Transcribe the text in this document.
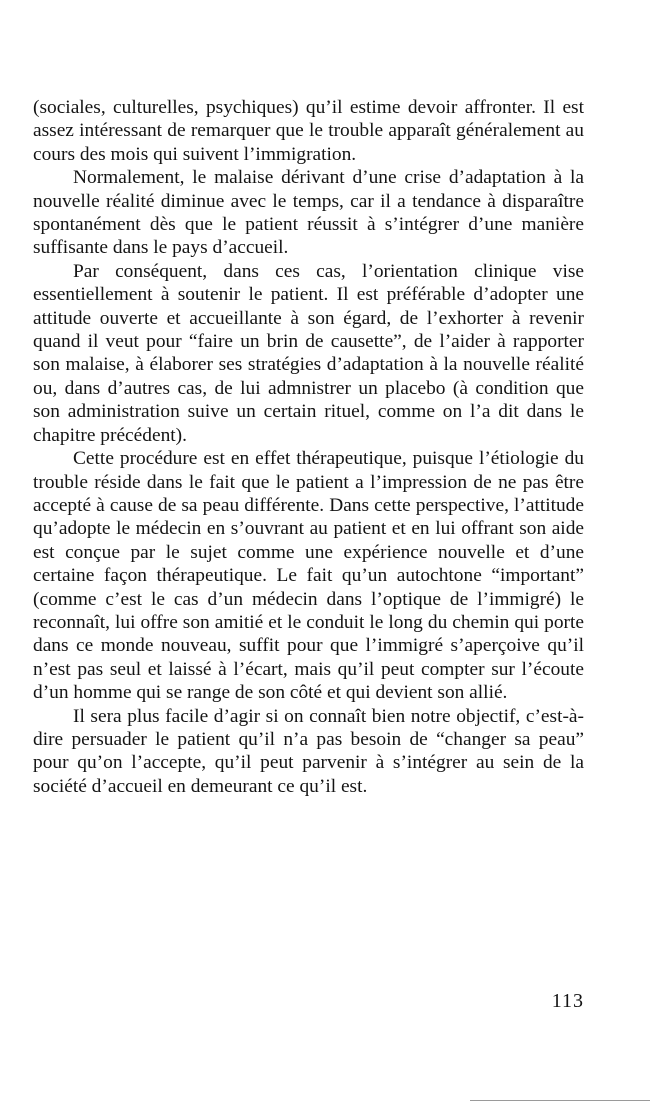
(sociales, culturelles, psychiques) qu’il estime devoir affronter. Il est assez intéressant de remarquer que le trouble apparaît généralement au cours des mois qui suivent l’immigration.

Normalement, le malaise dérivant d’une crise d’adaptation à la nouvelle réalité diminue avec le temps, car il a tendance à disparaître spontanément dès que le patient réussit à s’intégrer d’une manière suffisante dans le pays d’accueil.

Par conséquent, dans ces cas, l’orientation clinique vise essentiellement à soutenir le patient. Il est préférable d’adopter une attitude ouverte et accueillante à son égard, de l’exhorter à revenir quand il veut pour “faire un brin de causette”, de l’aider à rapporter son malaise, à élaborer ses stratégies d’adaptation à la nouvelle réalité ou, dans d’autres cas, de lui admnistrer un placebo (à condition que son administration suive un certain rituel, comme on l’a dit dans le chapitre précédent).

Cette procédure est en effet thérapeutique, puisque l’étiologie du trouble réside dans le fait que le patient a l’impression de ne pas être accepté à cause de sa peau différente. Dans cette perspective, l’attitude qu’adopte le médecin en s’ouvrant au patient et en lui offrant son aide est conçue par le sujet comme une expérience nouvelle et d’une certaine façon thérapeutique. Le fait qu’un autochtone “important” (comme c’est le cas d’un médecin dans l’optique de l’immigré) le reconnaît, lui offre son amitié et le conduit le long du chemin qui porte dans ce monde nouveau, suffit pour que l’immigré s’aperçoive qu’il n’est pas seul et laissé à l’écart, mais qu’il peut compter sur l’écoute d’un homme qui se range de son côté et qui devient son allié.

Il sera plus facile d’agir si on connaît bien notre objectif, c’est-à-dire persuader le patient qu’il n’a pas besoin de “changer sa peau” pour qu’on l’accepte, qu’il peut parvenir à s’intégrer au sein de la société d’accueil en demeurant ce qu’il est.

113
